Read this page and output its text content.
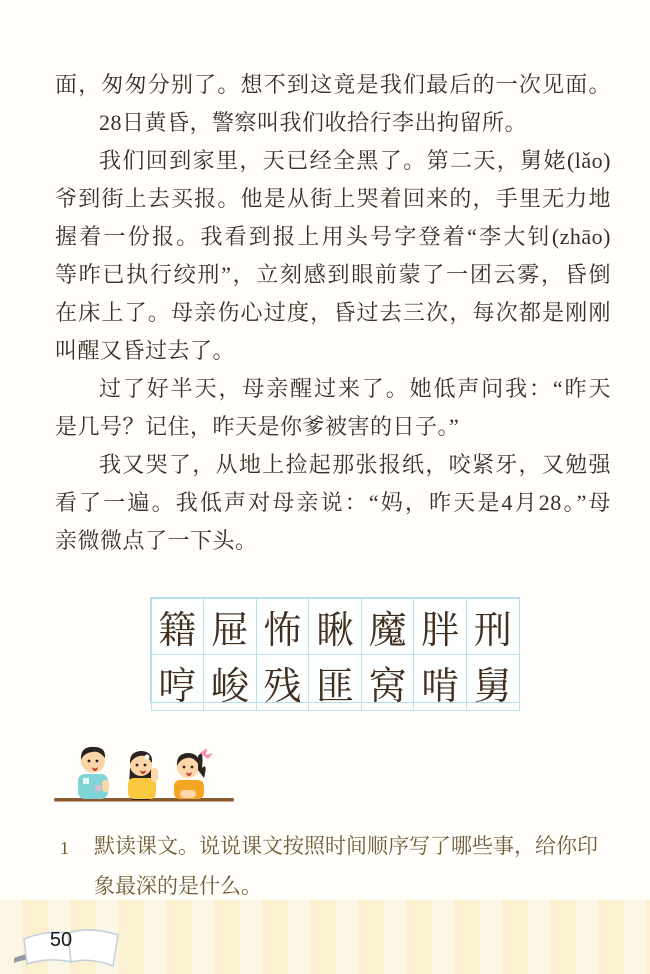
面，匆匆分别了。想不到这竟是我们最后的一次见面。
28日黄昏，警察叫我们收拾行李出拘留所。
我们回到家里，天已经全黑了。第二天，舅姥(lǎo)
爷到街上去买报。他是从街上哭着回来的，手里无力地
握着一份报。我看到报上用头号字登着“李大钊(zhāo)
等昨已执行绞刑”，立刻感到眼前蒙了一团云雾，昏倒
在床上了。母亲伤心过度，昏过去三次，每次都是刚刚
叫醒又昏过去了。
过了好半天，母亲醒过来了。她低声问我：“昨天
是几号？记住，昨天是你爹被害的日子。”
我又哭了，从地上捡起那张报纸，咬紧牙，又勉强
看了一遍。我低声对母亲说：“妈，昨天是4月28。”母
亲微微点了一下头。
籍 屉 怖 瞅 魔 胖 刑
哼 峻 残 匪 窝 啃 舅
1	默读课文。说说课文按照时间顺序写了哪些事，给你印
象最深的是什么。
50
